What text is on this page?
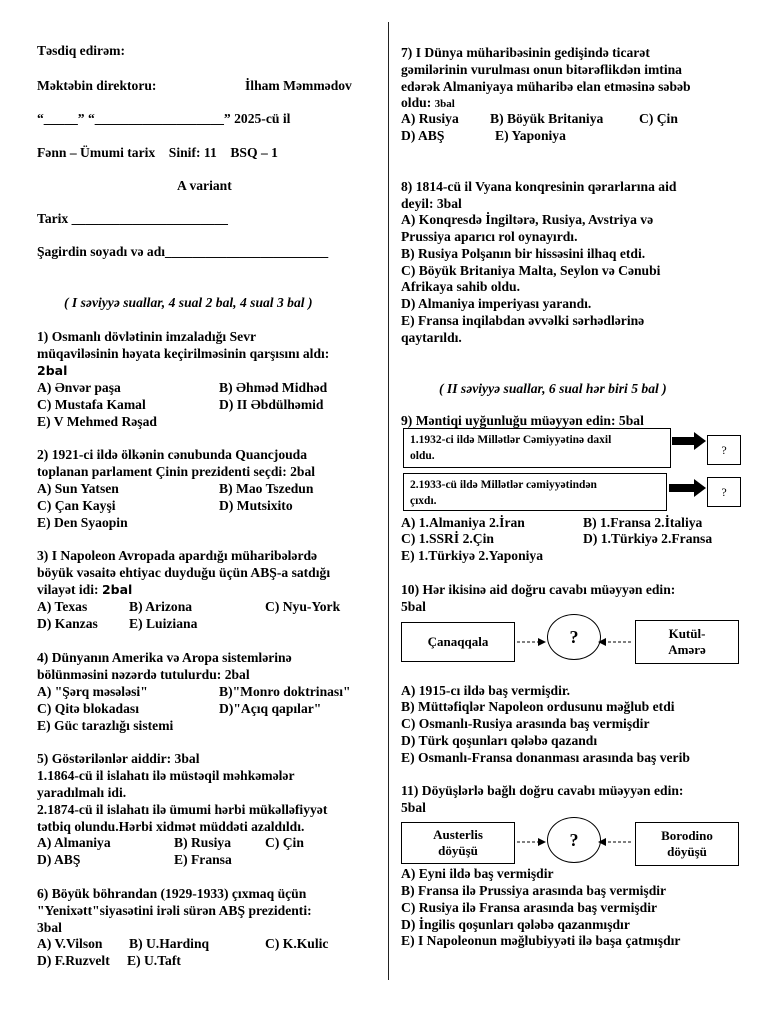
Təsdiq edirəm:
Məktəbin direktoru:	İlham Məmmədov
“_____” “___________________” 2025-cü il
Fənn – Ümumi tarix    Sinif: 11    BSQ – 1
A variant
Tarix _______________________
Şagirdin soyadı və adı________________________
( I səviyyə suallar, 4 sual 2 bal, 4 sual 3 bal )
1) Osmanlı dövlətinin imzaladığı Sevr
müqaviləsinin həyata keçirilməsinin qarşısını aldı:
2bal
A) Ənvər paşa	B) Əhməd Midhəd
C) Mustafa Kamal	D) II Əbdülhəmid
E) V Mehmed Rəşad
2) 1921-ci ildə ölkənin cənubunda Quancjouda
toplanan parlament Çinin prezidenti seçdi: 2bal
A) Sun Yatsen	B) Mao Tszedun
C) Çan Kayşi	D) Mutsixito
E) Den Syaopin
3) I Napoleon Avropada apardığı müharibələrdə
böyük vəsaitə ehtiyac duyduğu üçün ABŞ-a satdığı
vilayət idi: 2bal
A) Texas	B) Arizona	C) Nyu-York
D) Kanzas E) Luiziana
4) Dünyanın Amerika və Aropa sistemlərinə
bölünməsini nəzərdə tutulurdu: 2bal
A) "Şərq məsələsi"	B)"Monro doktrinası"
C) Qitə blokadası	D)"Açıq qapılar"
E) Güc tarazlığı sistemi
5) Göstərilənlər aiddir: 3bal
1.1864-cü il islahatı ilə müstəqil məhkəmələr
yaradılmalı idi.
2.1874-cü il islahatı ilə ümumi hərbi mükəlləfiyyət
tətbiq olundu.Hərbi xidmət müddəti azaldıldı.
A) Almaniya	B) Rusiya C) Çin
D) ABŞ	E) Fransa
6) Böyük böhrandan (1929-1933) çıxmaq üçün
"Yenixətt"siyasətini irəli sürən ABŞ prezidenti:
3bal
A) V.Vilson B) U.Hardinq	C) K.Kulic
D) F.Ruzvelt E) U.Taft
7) I Dünya müharibəsinin gedişində ticarət
gəmilərinin vurulması onun bitərəflikdən imtina
edərək Almaniyaya müharibə elan etməsinə səbəb
oldu: 3bal
A) Rusiya B) Böyük Britaniya	C) Çin
D) ABŞ	E) Yaponiya
8) 1814-cü il Vyana konqresinin qərarlarına aid
deyil: 3bal
A) Konqresdə İngiltərə, Rusiya, Avstriya və
Prussiya aparıcı rol oynayırdı.
B) Rusiya Polşanın bir hissəsini ilhaq etdi.
C) Böyük Britaniya Malta, Seylon və Cənubi
Afrikaya sahib oldu.
D) Almaniya imperiyası yarandı.
E) Fransa inqilabdan əvvəlki sərhədlərinə
qaytarıldı.
( II səviyyə suallar, 6 sual hər biri 5 bal )
9) Məntiqi uyğunluğu müəyyən edin: 5bal
1.1932-ci ildə Millətlər Cəmiyyətinə daxil
oldu.	?
2.1933-cü ildə Millətlər cəmiyyətindən
çıxdı.
?
A) 1.Almaniya 2.İran	B) 1.Fransa 2.İtaliya
C) 1.SSRİ 2.Çin	D) 1.Türkiyə 2.Fransa
E) 1.Türkiyə 2.Yaponiya
10) Hər ikisinə aid doğru cavabı müəyyən edin:
5bal
Çanaqqala	?	Kutül-
Amərə
A) 1915-cı ildə baş vermişdir.
B) Müttəfiqlər Napoleon ordusunu məğlub etdi
C) Osmanlı-Rusiya arasında baş vermişdir
D) Türk qoşunları qələbə qazandı
E) Osmanlı-Fransa donanması arasında baş verib
11) Döyüşlərlə bağlı doğru cavabı müəyyən edin:
5bal
Austerlis
döyüşü
?	Borodino
döyüşü
A) Eyni ildə baş vermişdir
B) Fransa ilə Prussiya arasında baş vermişdir
C) Rusiya ilə Fransa arasında baş vermişdir
D) İngilis qoşunları qələbə qazanmışdır
E) I Napoleonun məğlubiyyəti ilə başa çatmışdır
